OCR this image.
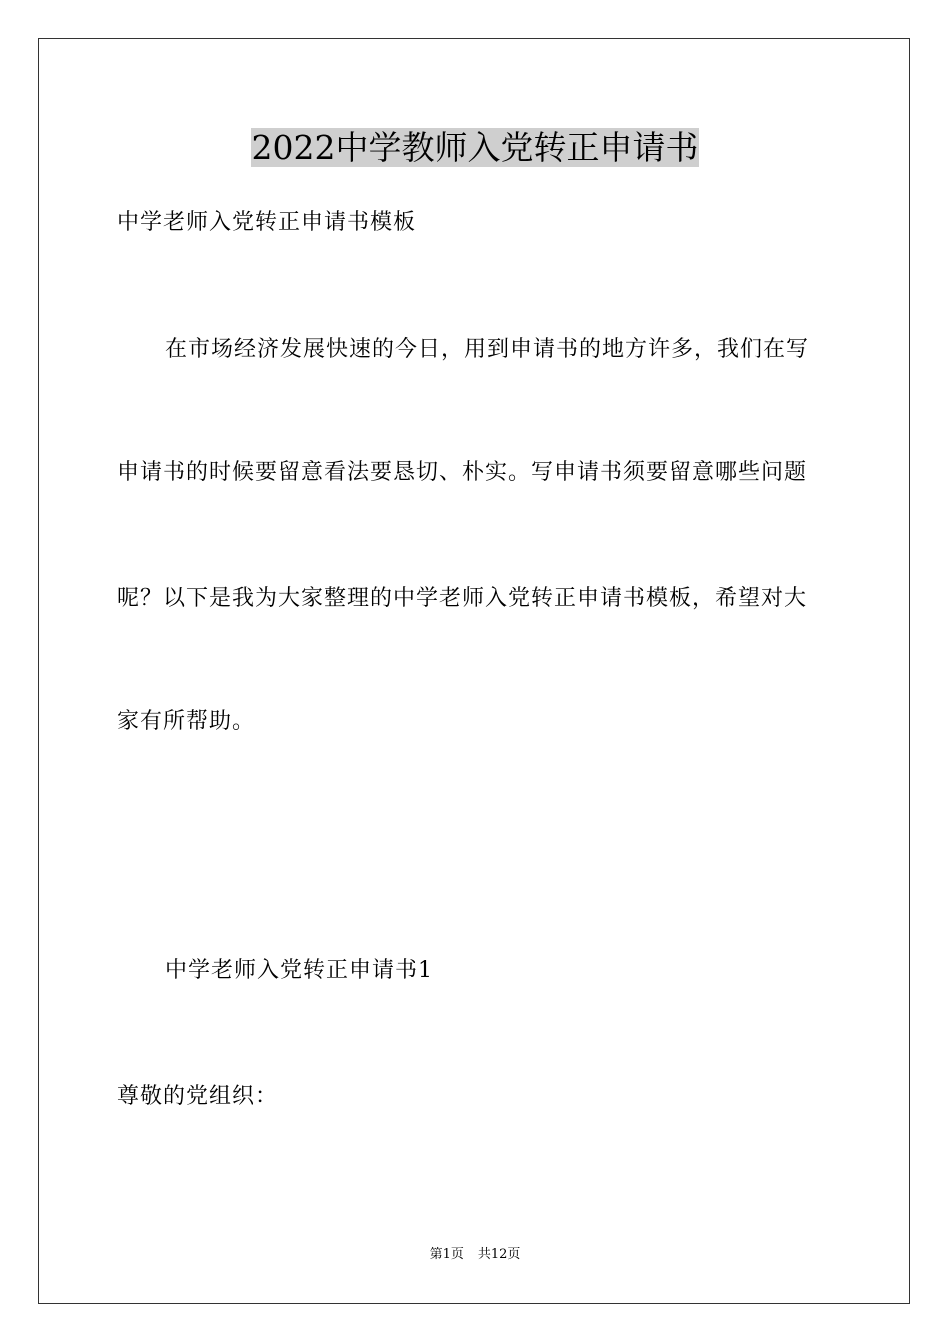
2022中学教师入党转正申请书
中学老师入党转正申请书模板
在市场经济发展快速的今日，用到申请书的地方许多，我们在写
申请书的时候要留意看法要恳切、朴实。写申请书须要留意哪些问题
呢？以下是我为大家整理的中学老师入党转正申请书模板，希望对大
家有所帮助。
中学老师入党转正申请书1
尊敬的党组织：
第1页 共12页
